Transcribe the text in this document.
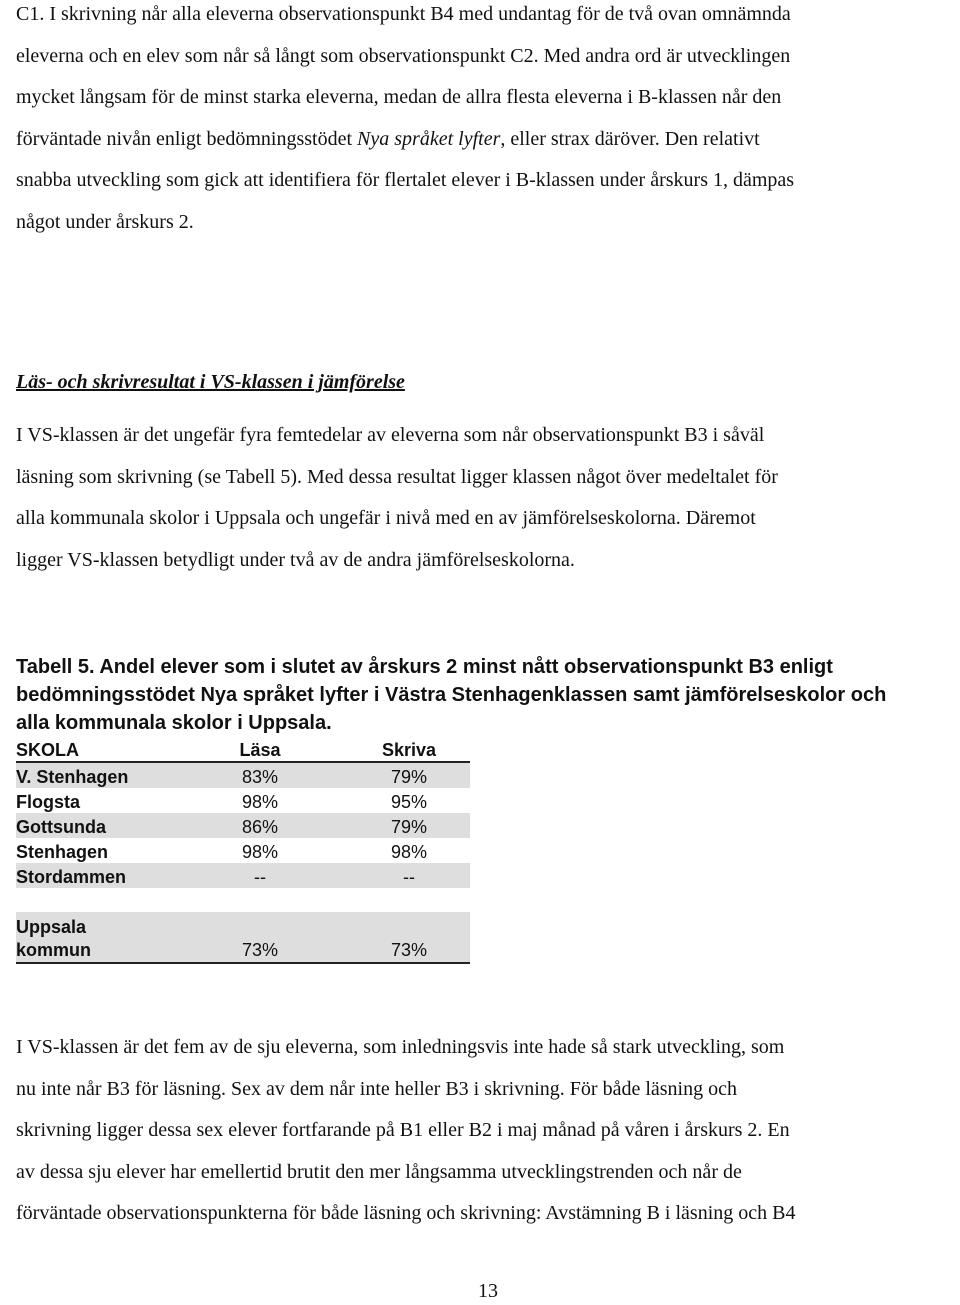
C1. I skrivning når alla eleverna observationspunkt B4 med undantag för de två ovan omnämnda
eleverna och en elev som når så långt som observationspunkt C2. Med andra ord är utvecklingen
mycket långsam för de minst starka eleverna, medan de allra flesta eleverna i B-klassen når den
förväntade nivån enligt bedömningsstödet Nya språket lyfter, eller strax däröver. Den relativt
snabba utveckling som gick att identifiera för flertalet elever i B-klassen under årskurs 1, dämpas
något under årskurs 2.

Läs- och skrivresultat i VS-klassen i jämförelse

I VS-klassen är det ungefär fyra femtedelar av eleverna som når observationspunkt B3 i såväl
läsning som skrivning (se Tabell 5). Med dessa resultat ligger klassen något över medeltalet för
alla kommunala skolor i Uppsala och ungefär i nivå med en av jämförelseskolorna. Däremot
ligger VS-klassen betydligt under två av de andra jämförelseskolorna.

Tabell 5. Andel elever som i slutet av årskurs 2 minst nått observationspunkt B3 enligt
bedömningsstödet Nya språket lyfter i Västra Stenhagenklassen samt jämförelseskolor och
alla kommunala skolor i Uppsala.

SKOLA	Läsa	Skriva
V. Stenhagen	83%	79%
Flogsta	98%	95%
Gottsunda	86%	79%
Stenhagen	98%	98%
Stordammen	--	--

Uppsala
kommun	73%	73%

I VS-klassen är det fem av de sju eleverna, som inledningsvis inte hade så stark utveckling, som
nu inte når B3 för läsning. Sex av dem når inte heller B3 i skrivning. För både läsning och
skrivning ligger dessa sex elever fortfarande på B1 eller B2 i maj månad på våren i årskurs 2. En
av dessa sju elever har emellertid brutit den mer långsamma utvecklingstrenden och når de
förväntade observationspunkterna för både läsning och skrivning: Avstämning B i läsning och B4

13
